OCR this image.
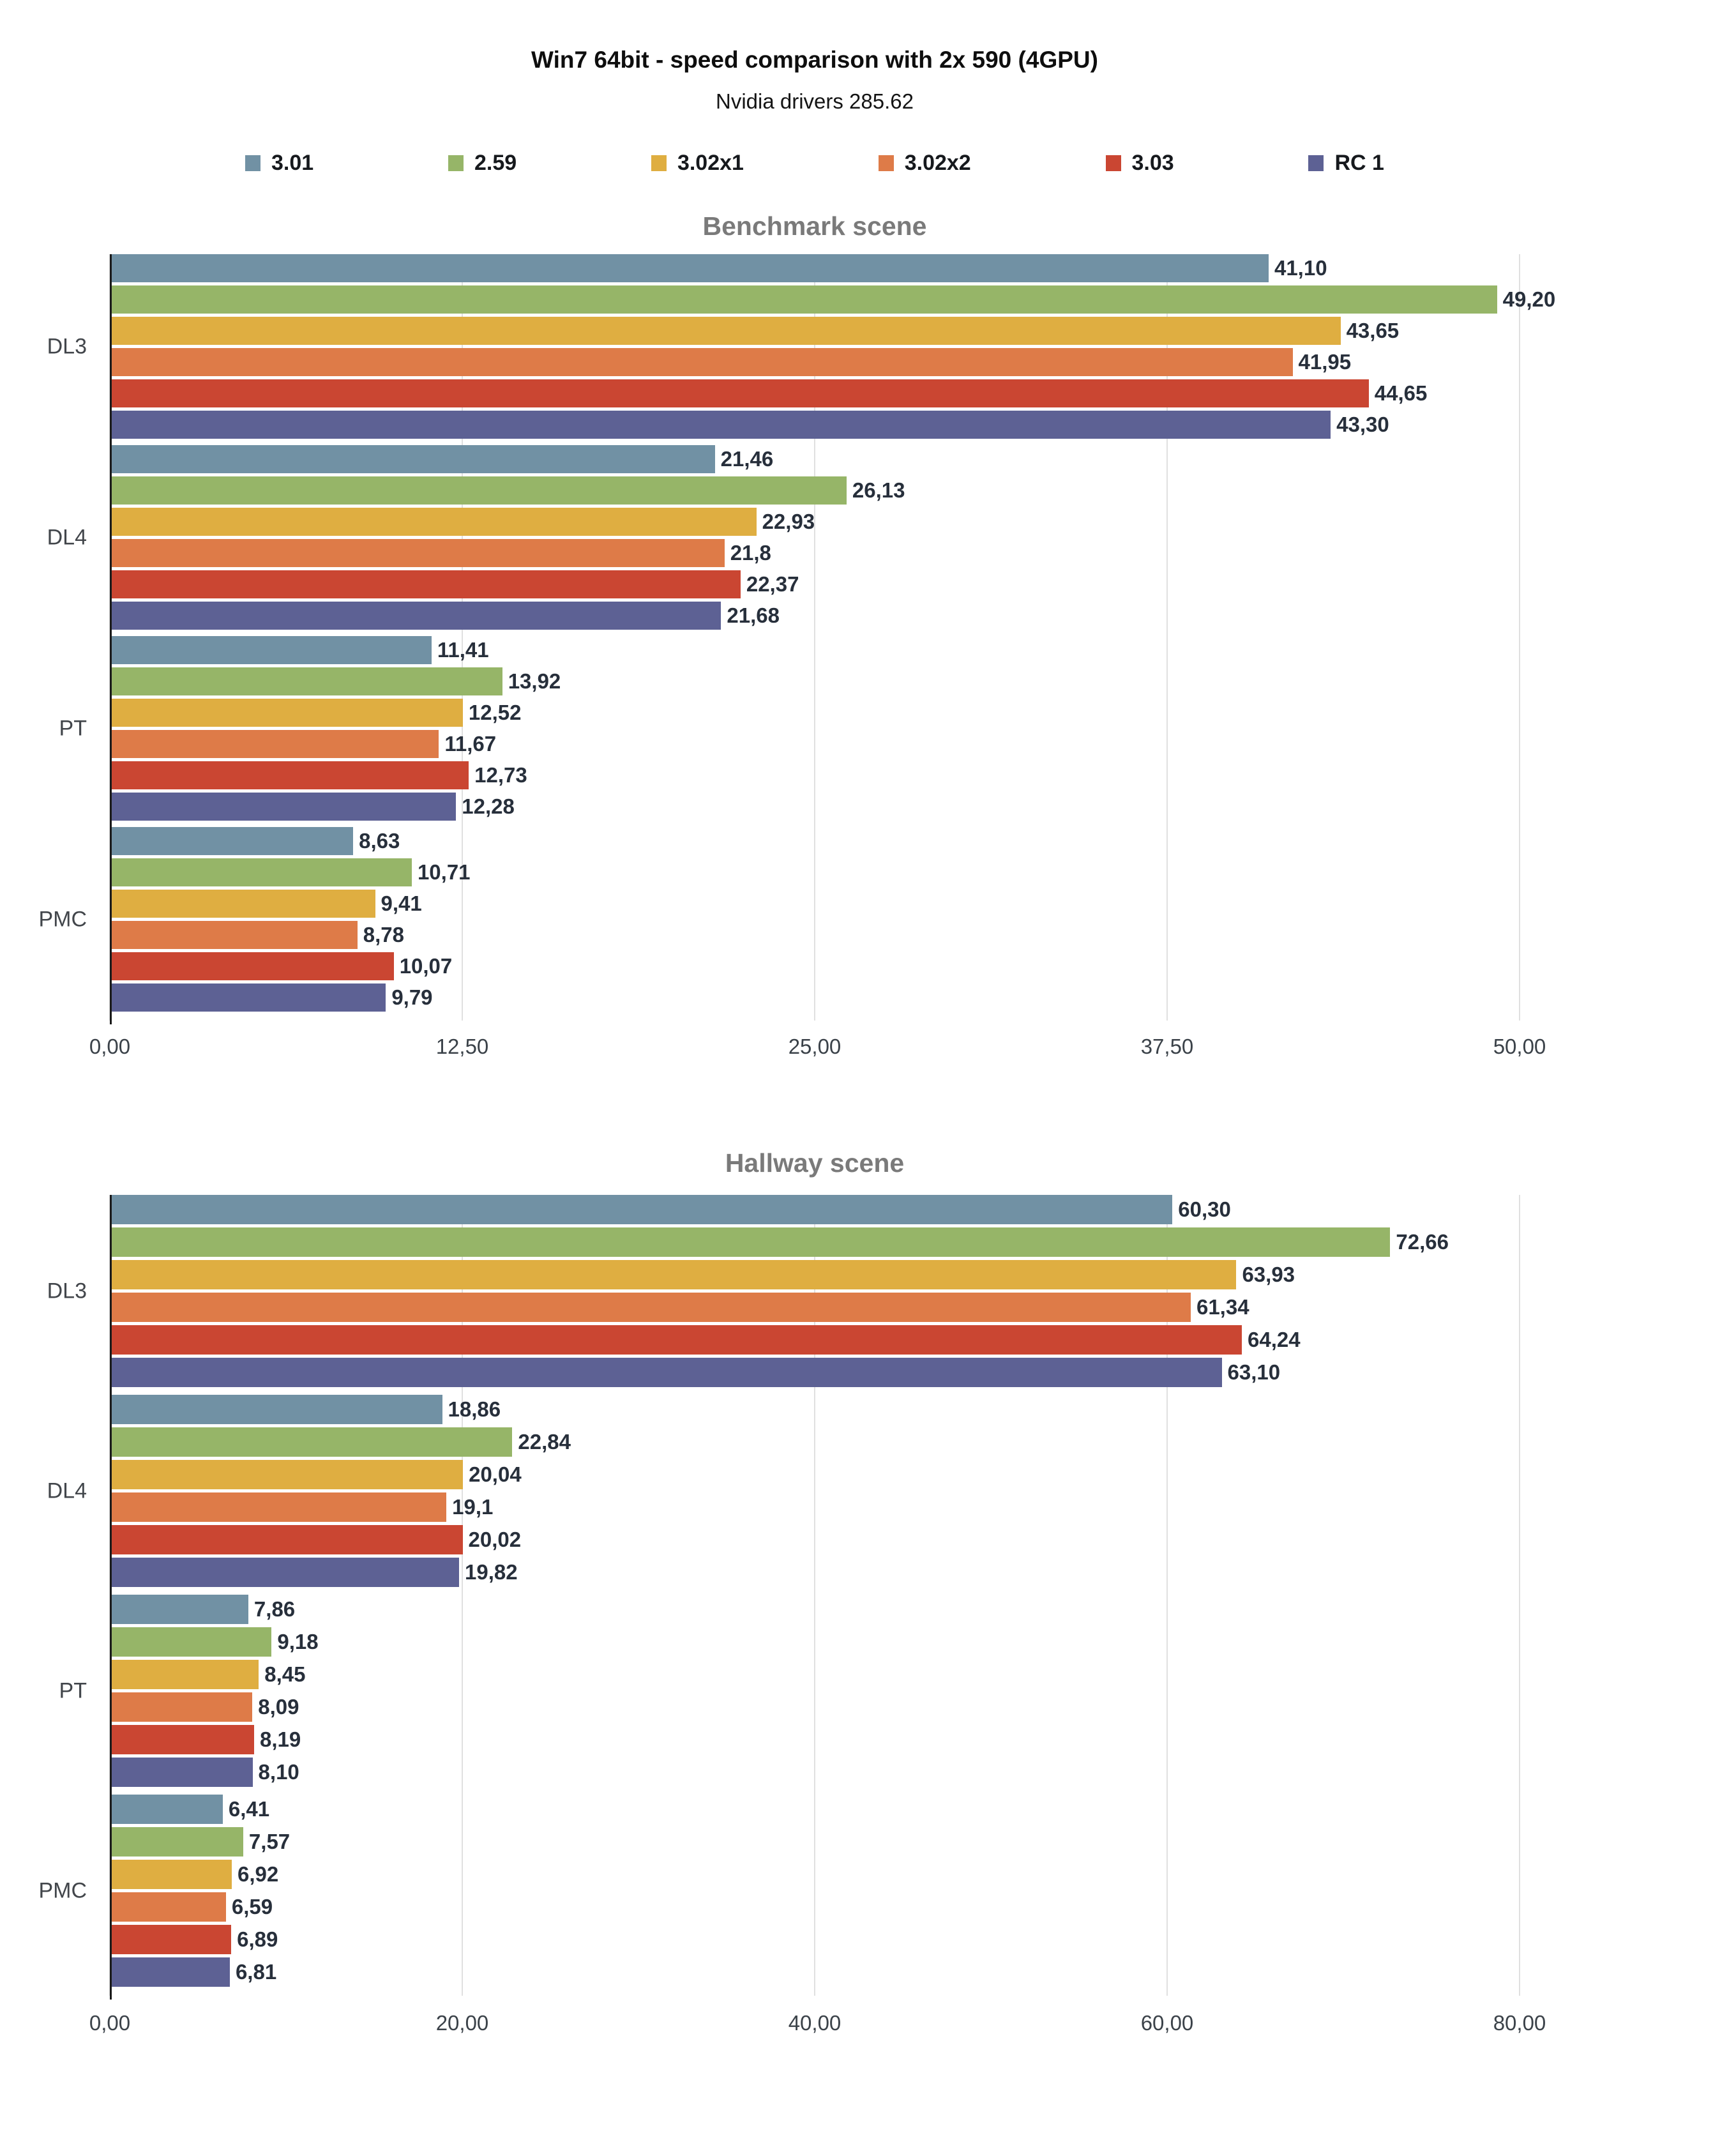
Win7 64bit - speed comparison with 2x 590 (4GPU)
Nvidia drivers 285.62
3.01	2.59	3.02x1	3.02x2	3.03	RC 1
Benchmark scene
DL3
41,10
49,20
43,65
41,95
44,65
43,30
DL4
21,46
26,13
22,93
21,8
22,37
21,68
PT
11,41
13,92
12,52
11,67
12,73
12,28
PMC
8,63
10,71
9,41
8,78
10,07
9,79
0,00	12,50	25,00	37,50	50,00
Hallway scene
DL3
60,30
72,66
63,93
61,34
64,24
63,10
DL4
18,86
22,84
20,04
19,1
20,02
19,82
PT
7,86
9,18
8,45
8,09
8,19
8,10
PMC
6,41
7,57
6,92
6,59
6,89
6,81
0,00	20,00	40,00	60,00	80,00
